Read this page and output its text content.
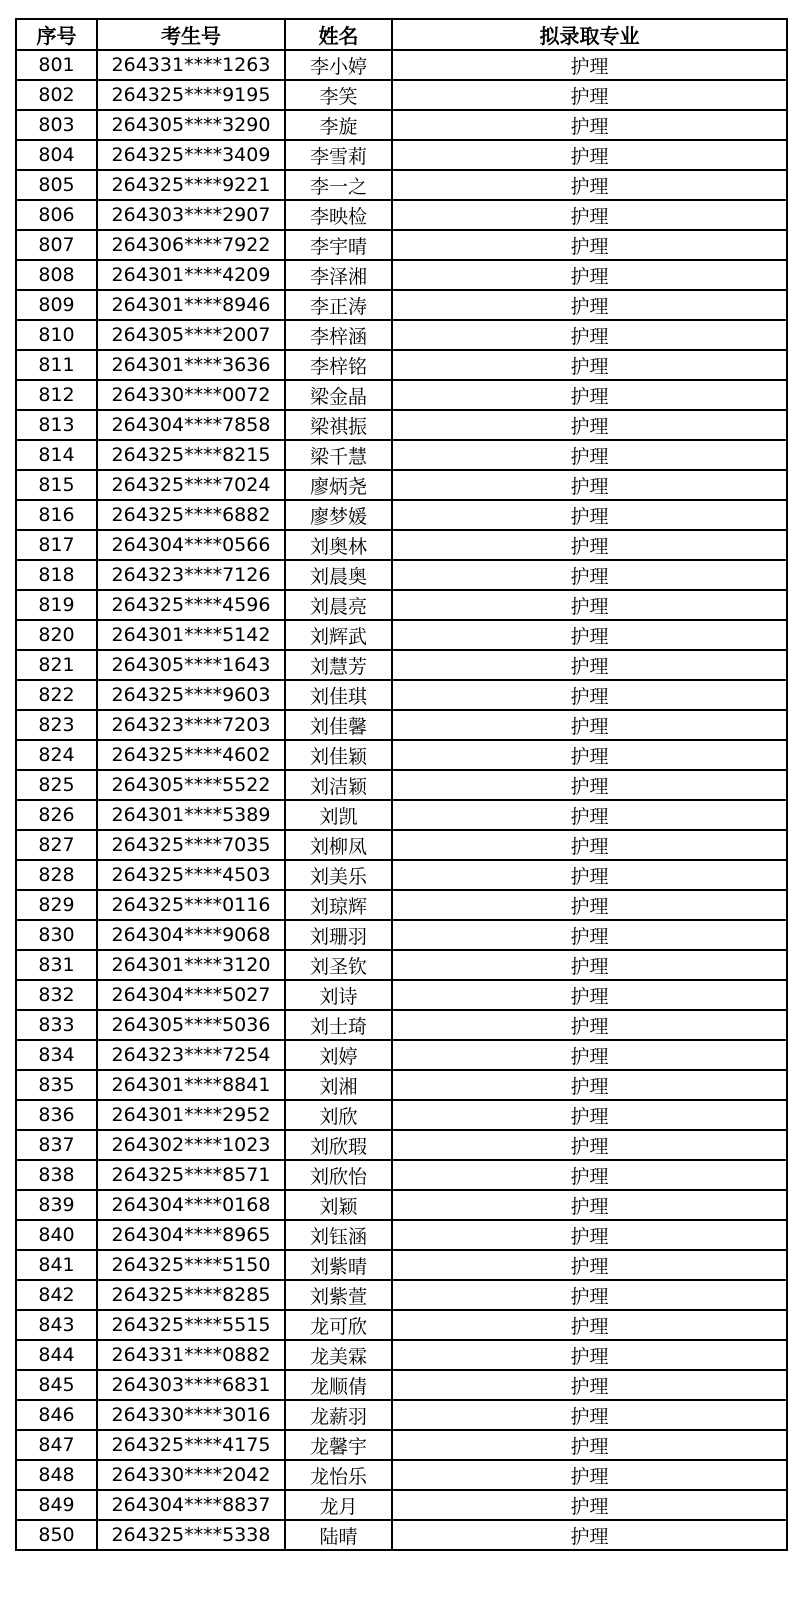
序号	考生号	姓名	拟录取专业
801	264331****1263	李小婷	护理
802	264325****9195	李笑	护理
803	264305****3290	李旋	护理
804	264325****3409	李雪莉	护理
805	264325****9221	李一之	护理
806	264303****2907	李映检	护理
807	264306****7922	李宇晴	护理
808	264301****4209	李泽湘	护理
809	264301****8946	李正涛	护理
810	264305****2007	李梓涵	护理
811	264301****3636	李梓铭	护理
812	264330****0072	梁金晶	护理
813	264304****7858	梁祺振	护理
814	264325****8215	梁千慧	护理
815	264325****7024	廖炳尧	护理
816	264325****6882	廖梦媛	护理
817	264304****0566	刘奥林	护理
818	264323****7126	刘晨奥	护理
819	264325****4596	刘晨亮	护理
820	264301****5142	刘辉武	护理
821	264305****1643	刘慧芳	护理
822	264325****9603	刘佳琪	护理
823	264323****7203	刘佳馨	护理
824	264325****4602	刘佳颖	护理
825	264305****5522	刘洁颖	护理
826	264301****5389	刘凯	护理
827	264325****7035	刘柳凤	护理
828	264325****4503	刘美乐	护理
829	264325****0116	刘琼辉	护理
830	264304****9068	刘珊羽	护理
831	264301****3120	刘圣钦	护理
832	264304****5027	刘诗	护理
833	264305****5036	刘士琦	护理
834	264323****7254	刘婷	护理
835	264301****8841	刘湘	护理
836	264301****2952	刘欣	护理
837	264302****1023	刘欣瑕	护理
838	264325****8571	刘欣怡	护理
839	264304****0168	刘颖	护理
840	264304****8965	刘钰涵	护理
841	264325****5150	刘紫晴	护理
842	264325****8285	刘紫萱	护理
843	264325****5515	龙可欣	护理
844	264331****0882	龙美霖	护理
845	264303****6831	龙顺倩	护理
846	264330****3016	龙薪羽	护理
847	264325****4175	龙馨宇	护理
848	264330****2042	龙怡乐	护理
849	264304****8837	龙月	护理
850	264325****5338	陆晴	护理
